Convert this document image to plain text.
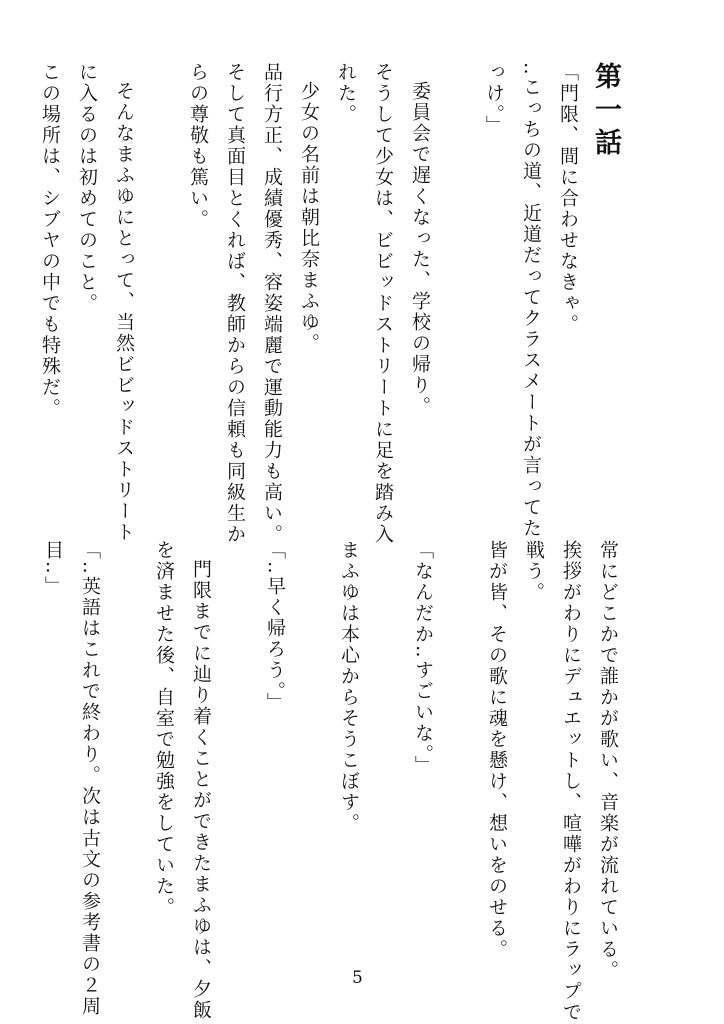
第一話
「門限、間に合わせなきゃ。
‥こっちの道、近道だってクラスメートが言ってた
っけ。」
委員会で遅くなった、学校の帰り。
そうして少女は、ビビッドストリートに足を踏み入
れた。
少女の名前は朝比奈まふゆ。
品行方正、成績優秀、容姿端麗で運動能力も高い。
そして真面目とくれば、教師からの信頼も同級生か
らの尊敬も篤い。
そんなまふゆにとって、当然ビビッドストリート
に入るのは初めてのこと。
この場所は、シブヤの中でも特殊だ。
常にどこかで誰かが歌い、音楽が流れている。
挨拶がわりにデュエットし、喧嘩がわりにラップで
戦う。
皆が皆、その歌に魂を懸け、想いをのせる。
「なんだか‥すごいな。」
まふゆは本心からそうこぼす。
「‥早く帰ろう。」
門限までに辿り着くことができたまふゆは、夕飯
を済ませた後、自室で勉強をしていた。
「‥英語はこれで終わり。次は古文の参考書の２周
目‥」
5
